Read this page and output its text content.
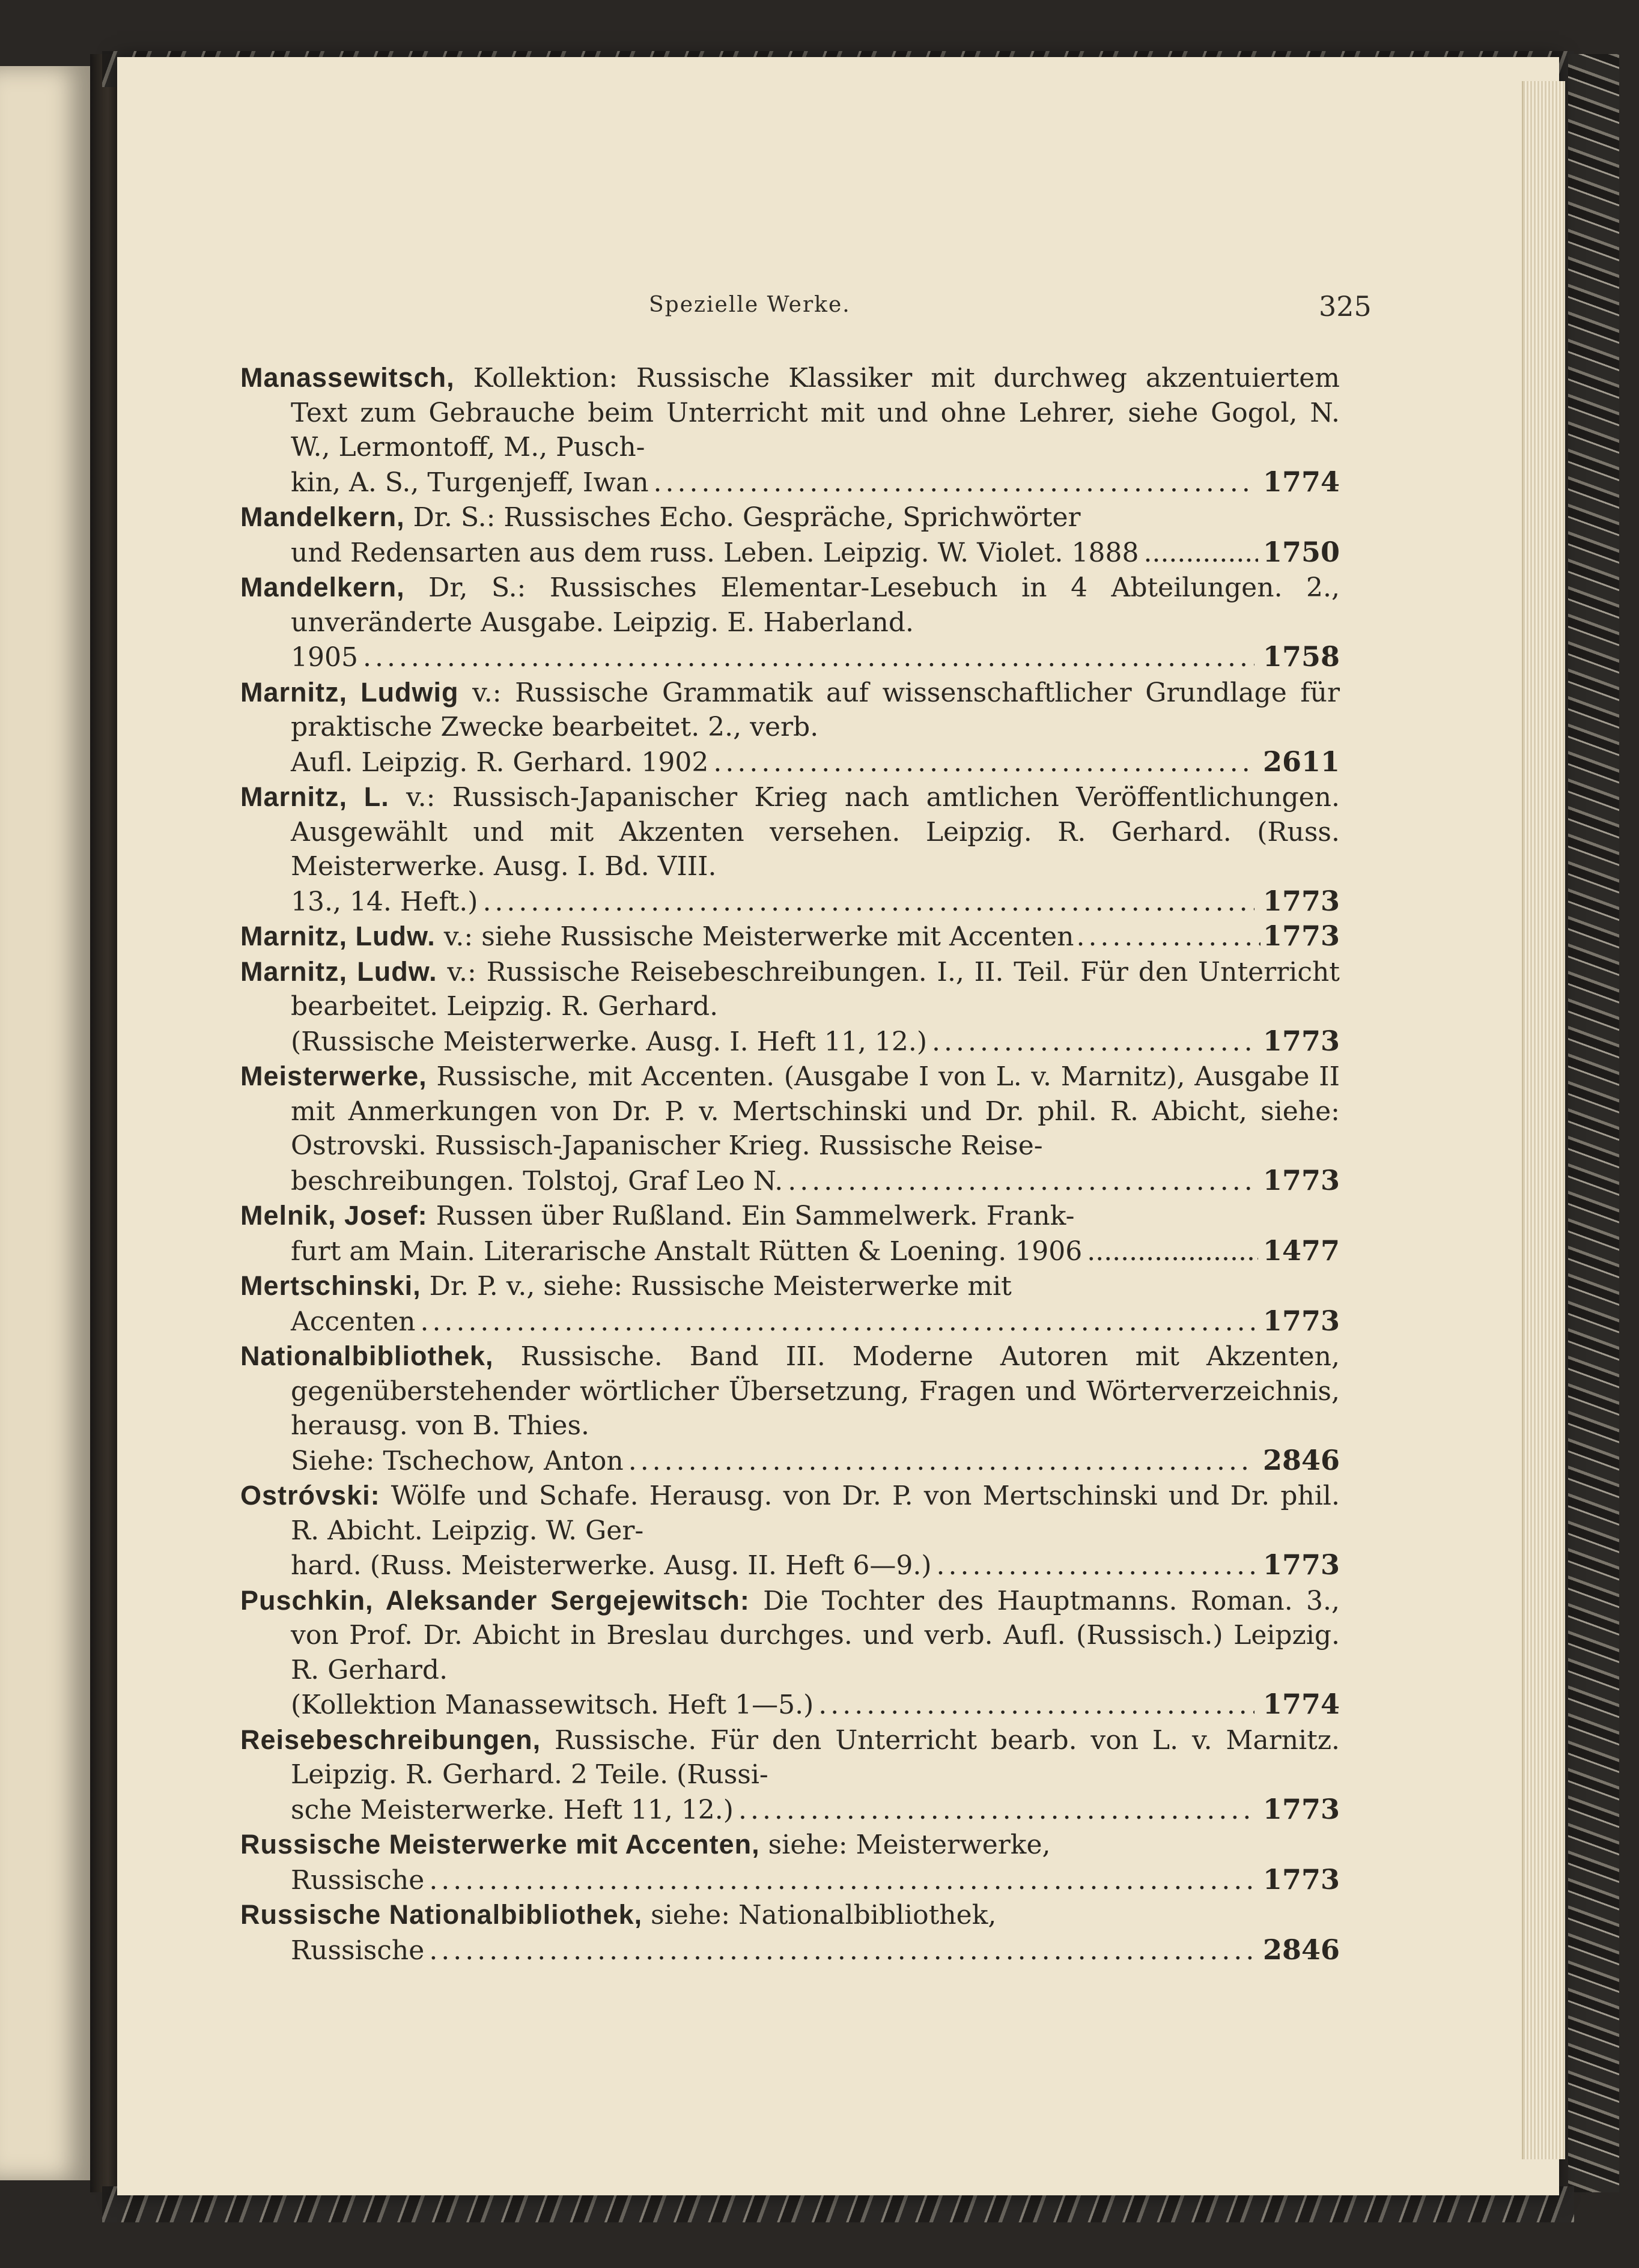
Spezielle Werke.	325

Manassewitsch, Kollektion: Russische Klassiker mit durchweg akzentuiertem Text zum Gebrauche beim Unterricht mit und ohne Lehrer, siehe Gogol, N. W., Lermontoff, M., Pusch-

kin, A. S., Turgenjeff, Iwan .....	1774

Mandelkern, Dr. S.: Russisches Echo. Gespräche, Sprichwörter

und Redensarten aus dem russ. Leben. Leipzig. W. Violet. 1888 .....	1750

Mandelkern, Dr, S.: Russisches Elementar-Lesebuch in 4 Abteilungen. 2., unveränderte Ausgabe. Leipzig. E. Haberland.

1905 .....	1758

Marnitz, Ludwig v.: Russische Grammatik auf wissenschaftlicher Grundlage für praktische Zwecke bearbeitet. 2., verb.

Aufl. Leipzig. R. Gerhard. 1902 .....	2611

Marnitz, L. v.: Russisch-Japanischer Krieg nach amtlichen Veröffentlichungen. Ausgewählt und mit Akzenten versehen. Leipzig. R. Gerhard. (Russ. Meisterwerke. Ausg. I. Bd. VIII.

13., 14. Heft.) .....	1773
Marnitz, Ludw. v.: siehe Russische Meisterwerke mit Accenten .....	1773

Marnitz, Ludw. v.: Russische Reisebeschreibungen. I., II. Teil. Für den Unterricht bearbeitet. Leipzig. R. Gerhard.

(Russische Meisterwerke. Ausg. I. Heft 11, 12.) .....	1773

Meisterwerke, Russische, mit Accenten. (Ausgabe I von L. v. Marnitz), Ausgabe II mit Anmerkungen von Dr. P. v. Mertschinski und Dr. phil. R. Abicht, siehe: Ostrovski. Russisch-Japanischer Krieg. Russische Reise-

beschreibungen. Tolstoj, Graf Leo N. .....	1773

Melnik, Josef: Russen über Rußland. Ein Sammelwerk. Frank-

furt am Main. Literarische Anstalt Rütten & Loening. 1906 .....	1477

Mertschinski, Dr. P. v., siehe: Russische Meisterwerke mit

Accenten .....	1773

Nationalbibliothek, Russische. Band III. Moderne Autoren mit Akzenten, gegenüberstehender wörtlicher Übersetzung, Fragen und Wörterverzeichnis, herausg. von B. Thies.

Siehe: Tschechow, Anton .....	2846

Ostróvski: Wölfe und Schafe. Herausg. von Dr. P. von Mertschinski und Dr. phil. R. Abicht. Leipzig. W. Ger-

hard. (Russ. Meisterwerke. Ausg. II. Heft 6—9.) .....	1773

Puschkin, Aleksander Sergejewitsch: Die Tochter des Hauptmanns. Roman. 3., von Prof. Dr. Abicht in Breslau durchges. und verb. Aufl. (Russisch.) Leipzig. R. Gerhard.

(Kollektion Manassewitsch. Heft 1—5.) .....	1774

Reisebeschreibungen, Russische. Für den Unterricht bearb. von L. v. Marnitz. Leipzig. R. Gerhard. 2 Teile. (Russi-

sche Meisterwerke. Heft 11, 12.) .....	1773

Russische Meisterwerke mit Accenten, siehe: Meisterwerke,

Russische .....	1773

Russische Nationalbibliothek, siehe: Nationalbibliothek,

Russische .....	2846
